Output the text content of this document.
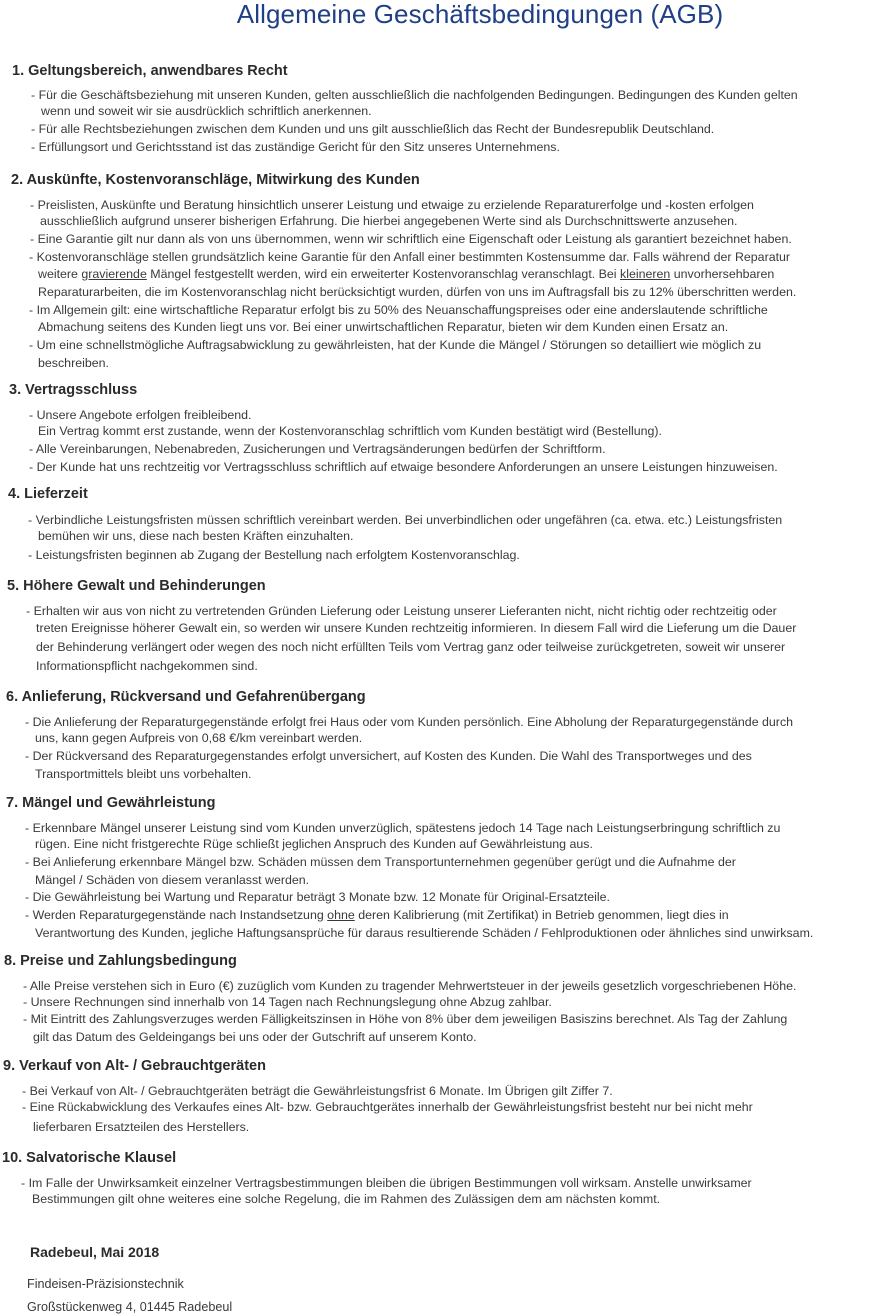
Allgemeine Geschäftsbedingungen (AGB)
1. Geltungsbereich, anwendbares Recht
- Für die Geschäftsbeziehung mit unseren Kunden, gelten ausschließlich die nachfolgenden Bedingungen. Bedingungen des Kunden gelten
wenn und soweit wir sie ausdrücklich schriftlich anerkennen.
- Für alle Rechtsbeziehungen zwischen dem Kunden und uns gilt ausschließlich das Recht der Bundesrepublik Deutschland.
- Erfüllungsort und Gerichtsstand ist das zuständige Gericht für den Sitz unseres Unternehmens.
2. Auskünfte, Kostenvoranschläge, Mitwirkung des Kunden
- Preislisten, Auskünfte und Beratung hinsichtlich unserer Leistung und etwaige zu erzielende Reparaturerfolge und -kosten erfolgen
ausschließlich aufgrund unserer bisherigen Erfahrung. Die hierbei angegebenen Werte sind als Durchschnittswerte anzusehen.
- Eine Garantie gilt nur dann als von uns übernommen, wenn wir schriftlich eine Eigenschaft oder Leistung als garantiert bezeichnet haben.
- Kostenvoranschläge stellen grundsätzlich keine Garantie für den Anfall einer bestimmten Kostensumme dar. Falls während der Reparatur
weitere gravierende Mängel festgestellt werden, wird ein erweiterter Kostenvoranschlag veranschlagt. Bei kleineren unvorhersehbaren
Reparaturarbeiten, die im Kostenvoranschlag nicht berücksichtigt wurden, dürfen von uns im Auftragsfall bis zu 12% überschritten werden.
- Im Allgemein gilt: eine wirtschaftliche Reparatur erfolgt bis zu 50% des Neuanschaffungspreises oder eine anderslautende schriftliche
Abmachung seitens des Kunden liegt uns vor. Bei einer unwirtschaftlichen Reparatur, bieten wir dem Kunden einen Ersatz an.
- Um eine schnellstmögliche Auftragsabwicklung zu gewährleisten, hat der Kunde die Mängel / Störungen so detailliert wie möglich zu
beschreiben.
3. Vertragsschluss
- Unsere Angebote erfolgen freibleibend.
Ein Vertrag kommt erst zustande, wenn der Kostenvoranschlag schriftlich vom Kunden bestätigt wird (Bestellung).
- Alle Vereinbarungen, Nebenabreden, Zusicherungen und Vertragsänderungen bedürfen der Schriftform.
- Der Kunde hat uns rechtzeitig vor Vertragsschluss schriftlich auf etwaige besondere Anforderungen an unsere Leistungen hinzuweisen.
4. Lieferzeit
- Verbindliche Leistungsfristen müssen schriftlich vereinbart werden. Bei unverbindlichen oder ungefähren (ca. etwa. etc.) Leistungsfristen
bemühen wir uns, diese nach besten Kräften einzuhalten.
- Leistungsfristen beginnen ab Zugang der Bestellung nach erfolgtem Kostenvoranschlag.
5. Höhere Gewalt und Behinderungen
- Erhalten wir aus von nicht zu vertretenden Gründen Lieferung oder Leistung unserer Lieferanten nicht, nicht richtig oder rechtzeitig oder
treten Ereignisse höherer Gewalt ein, so werden wir unsere Kunden rechtzeitig informieren. In diesem Fall wird die Lieferung um die Dauer
der Behinderung verlängert oder wegen des noch nicht erfüllten Teils vom Vertrag ganz oder teilweise zurückgetreten, soweit wir unserer
Informationspflicht nachgekommen sind.
6. Anlieferung, Rückversand und Gefahrenübergang
- Die Anlieferung der Reparaturgegenstände erfolgt frei Haus oder vom Kunden persönlich. Eine Abholung der Reparaturgegenstände durch
uns, kann gegen Aufpreis von 0,68 €/km vereinbart werden.
- Der Rückversand des Reparaturgegenstandes erfolgt unversichert, auf Kosten des Kunden. Die Wahl des Transportweges und des
Transportmittels bleibt uns vorbehalten.
7. Mängel und Gewährleistung
- Erkennbare Mängel unserer Leistung sind vom Kunden unverzüglich, spätestens jedoch 14 Tage nach Leistungserbringung schriftlich zu
rügen. Eine nicht fristgerechte Rüge schließt jeglichen Anspruch des Kunden auf Gewährleistung aus.
- Bei Anlieferung erkennbare Mängel bzw. Schäden müssen dem Transportunternehmen gegenüber gerügt und die Aufnahme der
Mängel / Schäden von diesem veranlasst werden.
- Die Gewährleistung bei Wartung und Reparatur beträgt 3 Monate bzw. 12 Monate für Original-Ersatzteile.
- Werden Reparaturgegenstände nach Instandsetzung ohne deren Kalibrierung (mit Zertifikat) in Betrieb genommen, liegt dies in
Verantwortung des Kunden, jegliche Haftungsansprüche für daraus resultierende Schäden / Fehlproduktionen oder ähnliches sind unwirksam.
8. Preise und Zahlungsbedingung
- Alle Preise verstehen sich in Euro (€) zuzüglich vom Kunden zu tragender Mehrwertsteuer in der jeweils gesetzlich vorgeschriebenen Höhe.
- Unsere Rechnungen sind innerhalb von 14 Tagen nach Rechnungslegung ohne Abzug zahlbar.
- Mit Eintritt des Zahlungsverzuges werden Fälligkeitszinsen in Höhe von 8% über dem jeweiligen Basiszins berechnet. Als Tag der Zahlung
gilt das Datum des Geldeingangs bei uns oder der Gutschrift auf unserem Konto.
9. Verkauf von Alt- / Gebrauchtgeräten
- Bei Verkauf von Alt- / Gebrauchtgeräten beträgt die Gewährleistungsfrist 6 Monate. Im Übrigen gilt Ziffer 7.
- Eine Rückabwicklung des Verkaufes eines Alt- bzw. Gebrauchtgerätes innerhalb der Gewährleistungsfrist besteht nur bei nicht mehr
lieferbaren Ersatzteilen des Herstellers.
10. Salvatorische Klausel
- Im Falle der Unwirksamkeit einzelner Vertragsbestimmungen bleiben die übrigen Bestimmungen voll wirksam. Anstelle unwirksamer
Bestimmungen gilt ohne weiteres eine solche Regelung, die im Rahmen des Zulässigen dem am nächsten kommt.
Radebeul, Mai 2018
Findeisen-Präzisionstechnik
Großstückenweg 4, 01445 Radebeul
